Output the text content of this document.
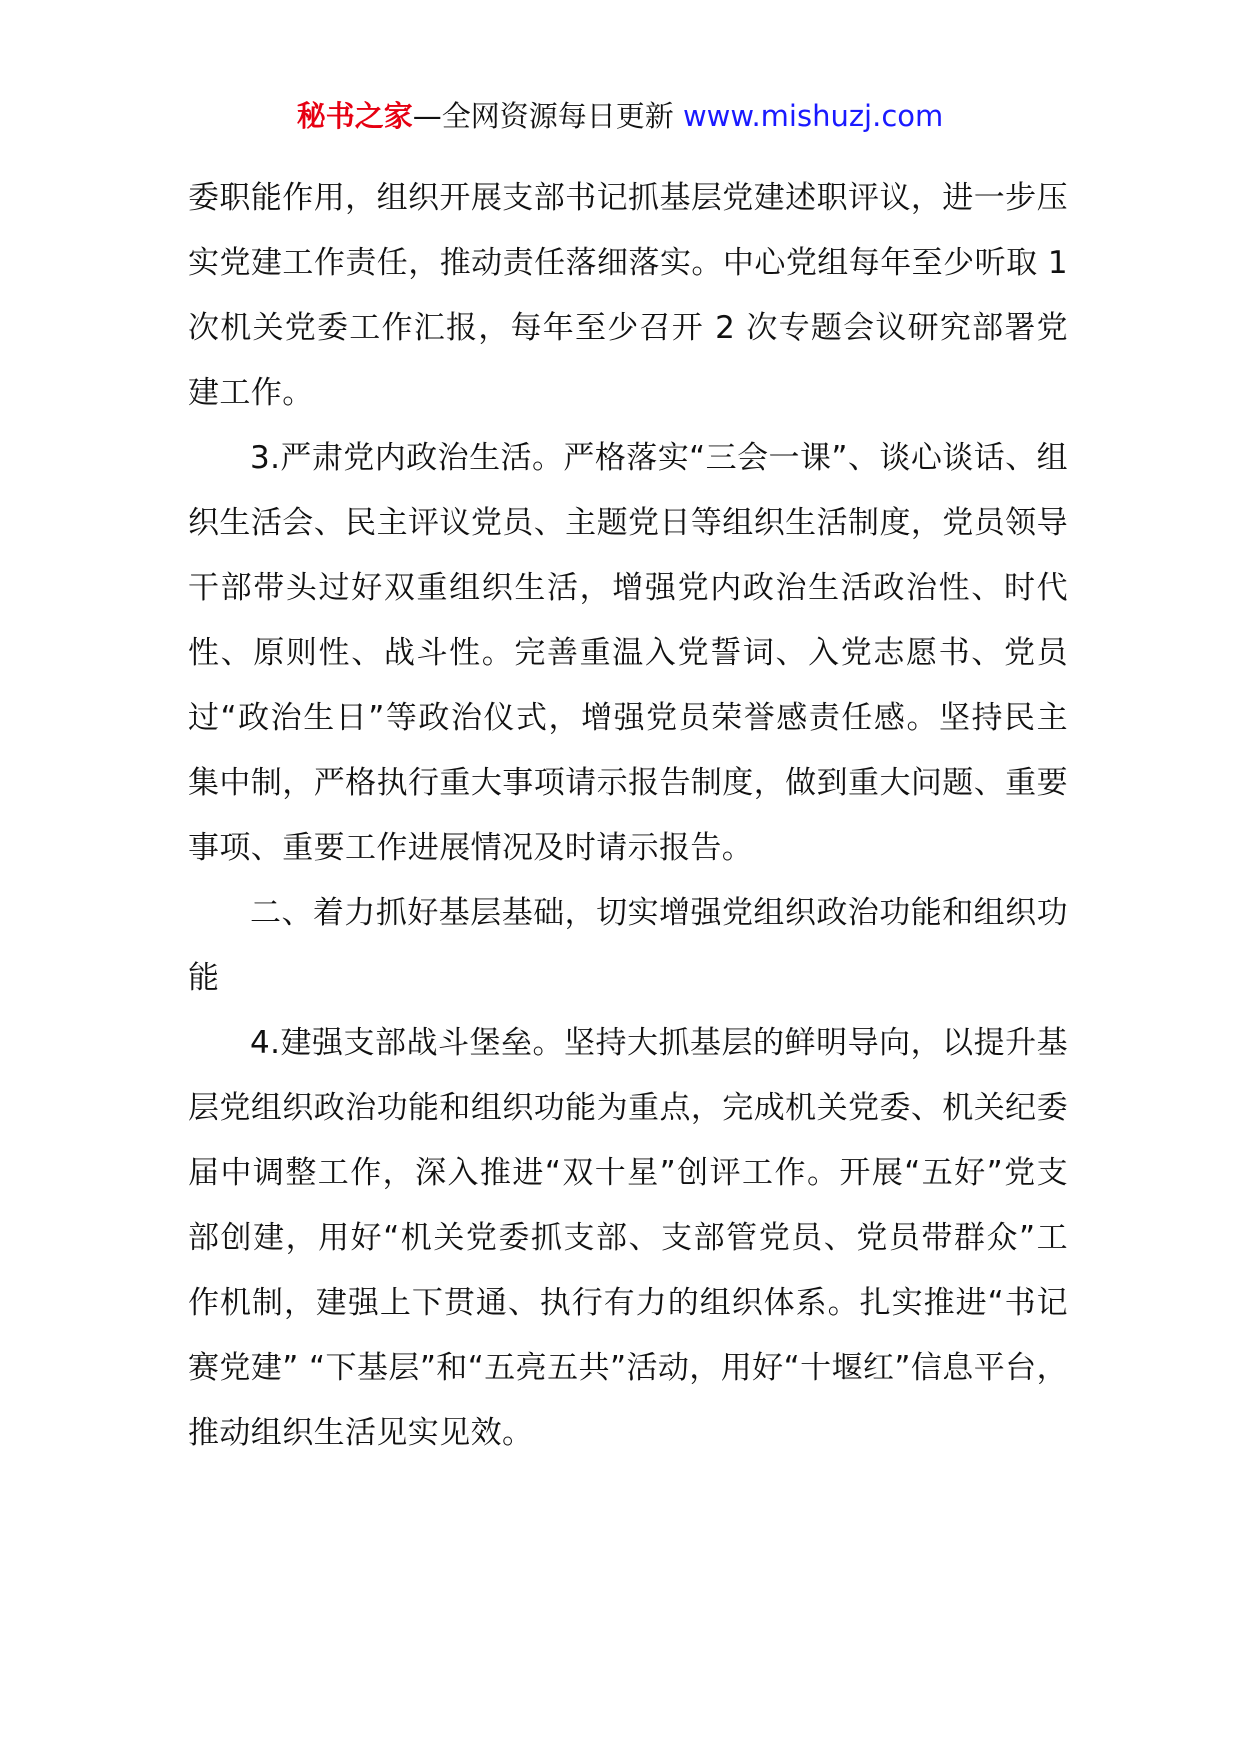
秘书之家—全网资源每日更新 www.mishuzj.com

委职能作用，组织开展支部书记抓基层党建述职评议，进一步压实党建工作责任，推动责任落细落实。中心党组每年至少听取 1 次机关党委工作汇报，每年至少召开 2 次专题会议研究部署党建工作。

3.严肃党内政治生活。严格落实“三会一课”、谈心谈话、组织生活会、民主评议党员、主题党日等组织生活制度，党员领导干部带头过好双重组织生活，增强党内政治生活政治性、时代性、原则性、战斗性。完善重温入党誓词、入党志愿书、党员过“政治生日”等政治仪式，增强党员荣誉感责任感。坚持民主集中制，严格执行重大事项请示报告制度，做到重大问题、重要事项、重要工作进展情况及时请示报告。

二、着力抓好基层基础，切实增强党组织政治功能和组织功能

4.建强支部战斗堡垒。坚持大抓基层的鲜明导向，以提升基层党组织政治功能和组织功能为重点，完成机关党委、机关纪委届中调整工作，深入推进“双十星”创评工作。开展“五好”党支部创建，用好“机关党委抓支部、支部管党员、党员带群众”工作机制，建强上下贯通、执行有力的组织体系。扎实推进“书记赛党建” “下基层”和“五亮五共”活动，用好“十堰红”信息平台，推动组织生活见实见效。
